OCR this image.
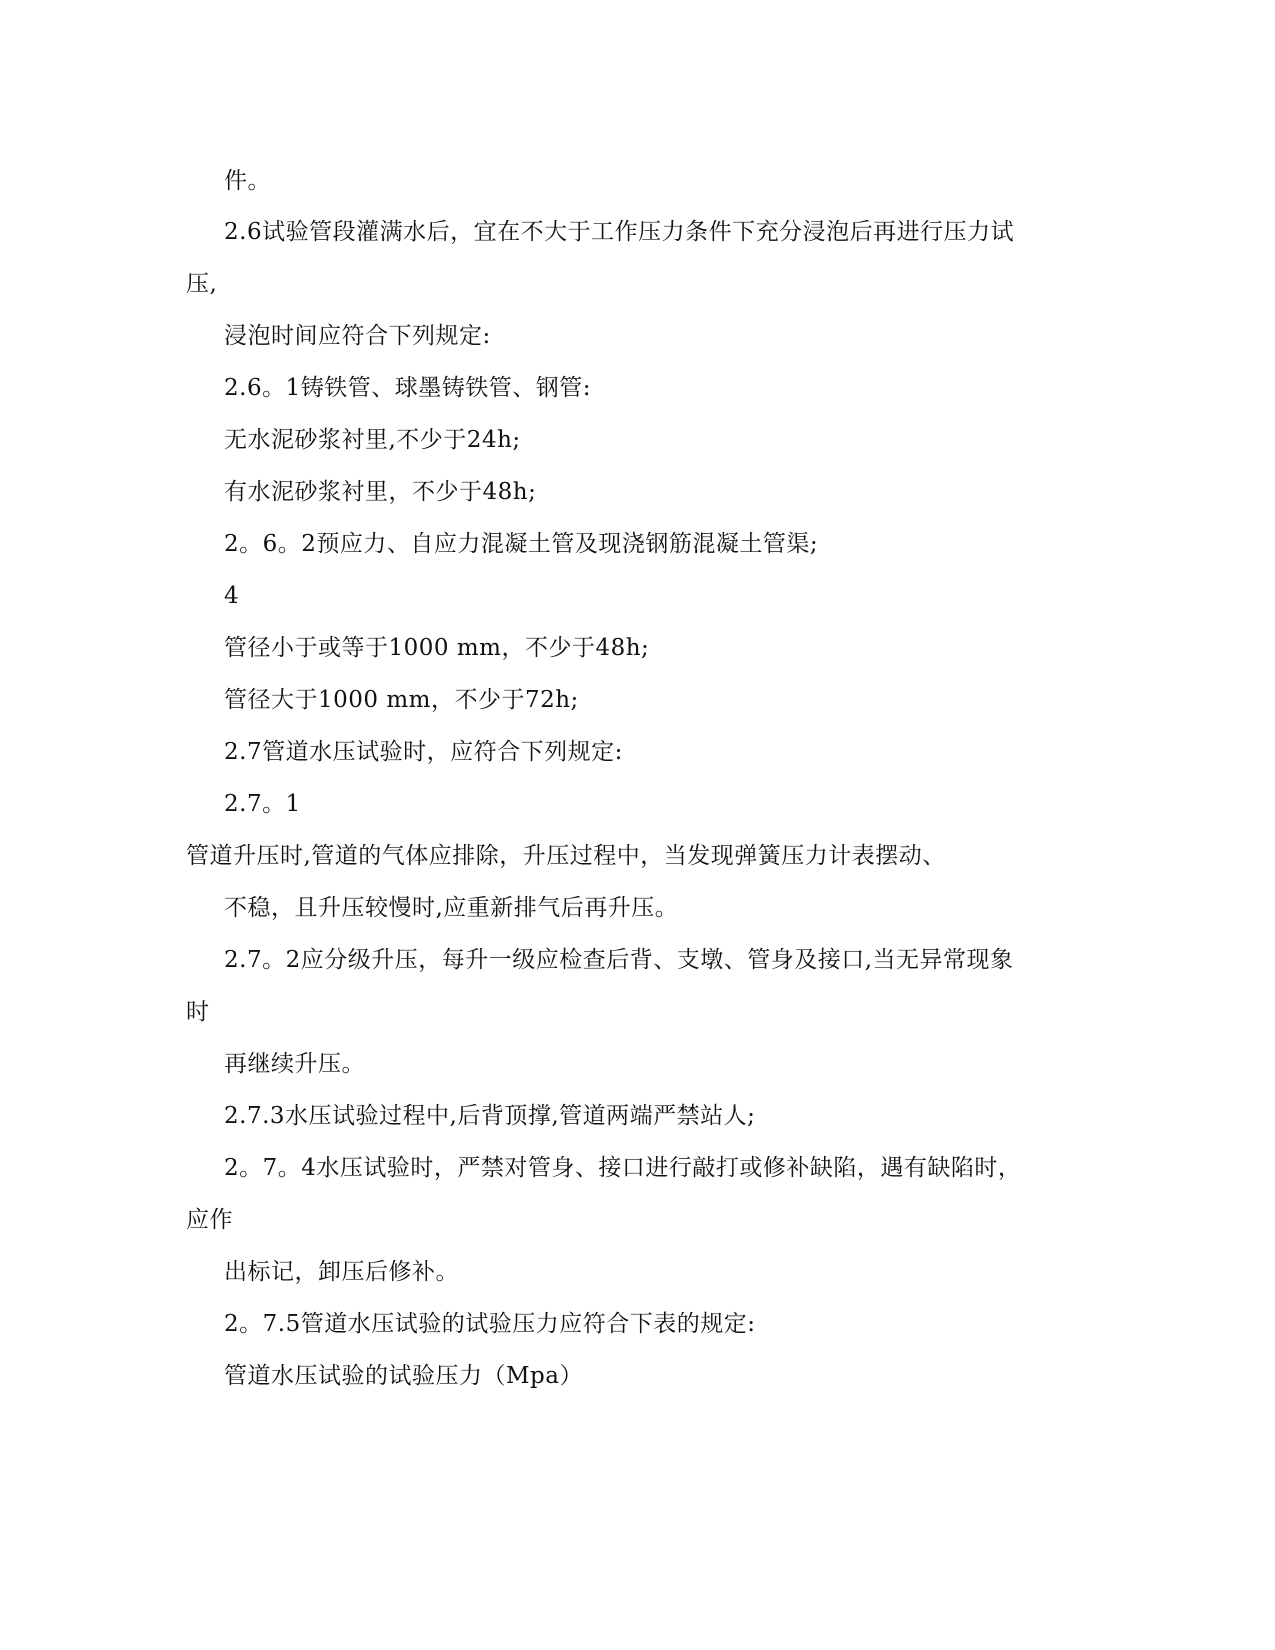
件。
2.6试验管段灌满水后，宜在不大于工作压力条件下充分浸泡后再进行压力试
压,
浸泡时间应符合下列规定:
2.6。1铸铁管、球墨铸铁管、钢管:
无水泥砂浆衬里,不少于24h;
有水泥砂浆衬里，不少于48h;
2。6。2预应力、自应力混凝土管及现浇钢筋混凝土管渠;
4
管径小于或等于1000 mm，不少于48h;
管径大于1000 mm，不少于72h;
2.7管道水压试验时，应符合下列规定:
2.7。1
管道升压时,管道的气体应排除，升压过程中，当发现弹簧压力计表摆动、
不稳，且升压较慢时,应重新排气后再升压。
2.7。2应分级升压，每升一级应检查后背、支墩、管身及接口,当无异常现象
时
再继续升压。
2.7.3水压试验过程中,后背顶撑,管道两端严禁站人;
2。7。4水压试验时，严禁对管身、接口进行敲打或修补缺陷，遇有缺陷时，
应作
出标记，卸压后修补。
2。7.5管道水压试验的试验压力应符合下表的规定:
管道水压试验的试验压力（Mpa）
